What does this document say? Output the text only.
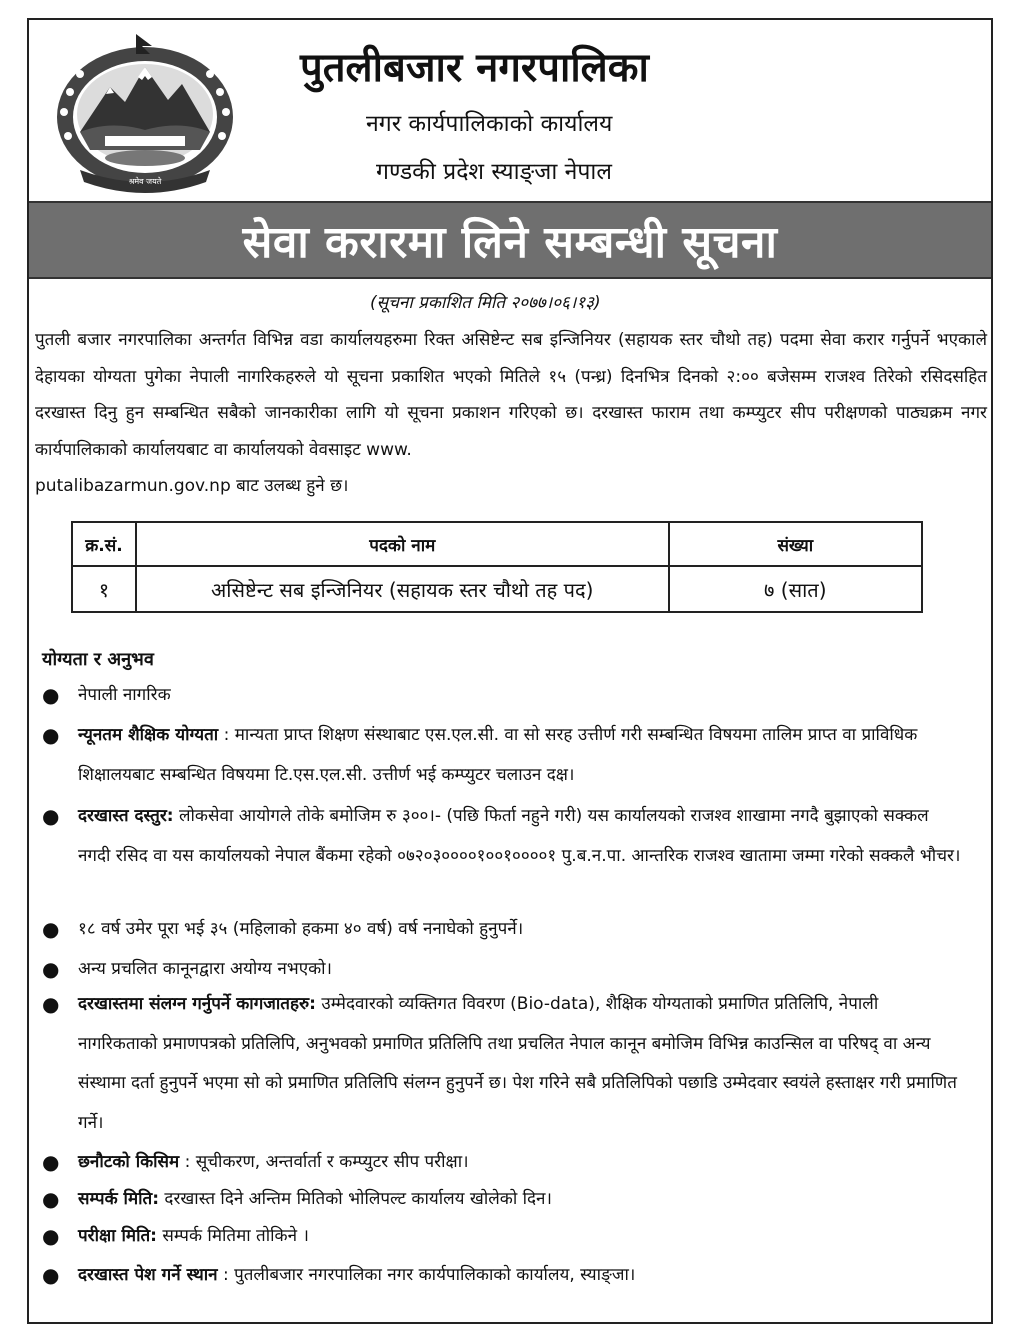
श्रमेव जयते
पुतलीबजार नगरपालिका
नगर कार्यपालिकाको कार्यालय
गण्डकी प्रदेश स्याङ्जा नेपाल
सेवा करारमा लिने सम्बन्धी सूचना
(सूचना प्रकाशित मिति २०७७।०६।१३)
पुतली बजार नगरपालिका अन्तर्गत विभिन्न वडा कार्यालयहरुमा रिक्त असिष्टेन्ट सब इन्जिनियर (सहायक स्तर चौथो तह) पदमा सेवा करार गर्नुपर्ने भएकाले देहायका योग्यता पुगेका नेपाली नागरिकहरुले यो सूचना प्रकाशित भएको मितिले १५ (पन्ध्र) दिनभित्र दिनको २:०० बजेसम्म राजश्व तिरेको रसिदसहित दरखास्त दिनु हुन सम्बन्धित सबैको जानकारीका लागि यो सूचना प्रकाशन गरिएको छ। दरखास्त फाराम तथा कम्प्युटर सीप परीक्षणको पाठ्यक्रम नगर कार्यपालिकाको कार्यालयबाट वा कार्यालयको वेवसाइट www.
putalibazarmun.gov.np बाट उलब्ध हुने छ।
क्र.सं.	पदको नाम	संख्या
१	असिष्टेन्ट सब इन्जिनियर (सहायक स्तर चौथो तह पद)	७ (सात)
योग्यता र अनुभव
● नेपाली नागरिक
● न्यूनतम शैक्षिक योग्यता : मान्यता प्राप्त शिक्षण संस्थाबाट एस.एल.सी. वा सो सरह उत्तीर्ण गरी सम्बन्धित विषयमा तालिम प्राप्त वा प्राविधिक शिक्षालयबाट सम्बन्धित विषयमा टि.एस.एल.सी. उत्तीर्ण भई कम्प्युटर चलाउन दक्ष।
● दरखास्त दस्तुर: लोकसेवा आयोगले तोके बमोजिम रु ३००।- (पछि फिर्ता नहुने गरी) यस कार्यालयको राजश्व शाखामा नगदै बुझाएको सक्कल नगदी रसिद वा यस कार्यालयको नेपाल बैंकमा रहेको ०७२०३००००१००१००००१ पु.ब.न.पा. आन्तरिक राजश्व खातामा जम्मा गरेको सक्कलै भौचर।
● १८ वर्ष उमेर पूरा भई ३५ (महिलाको हकमा ४० वर्ष) वर्ष ननाघेको हुनुपर्ने।
● अन्य प्रचलित कानूनद्वारा अयोग्य नभएको।
● दरखास्तमा संलग्न गर्नुपर्ने कागजातहरु: उम्मेदवारको व्यक्तिगत विवरण (Bio-data), शैक्षिक योग्यताको प्रमाणित प्रतिलिपि, नेपाली नागरिकताको प्रमाणपत्रको प्रतिलिपि, अनुभवको प्रमाणित प्रतिलिपि तथा प्रचलित नेपाल कानून बमोजिम विभिन्न काउन्सिल वा परिषद् वा अन्य संस्थामा दर्ता हुनुपर्ने भएमा सो को प्रमाणित प्रतिलिपि संलग्न हुनुपर्ने छ। पेश गरिने सबै प्रतिलिपिको पछाडि उम्मेदवार स्वयंले हस्ताक्षर गरी प्रमाणित गर्ने।
● छनौटको किसिम : सूचीकरण, अन्तर्वार्ता र कम्प्युटर सीप परीक्षा।
● सम्पर्क मिति: दरखास्त दिने अन्तिम मितिको भोलिपल्ट कार्यालय खोलेको दिन।
● परीक्षा मिति: सम्पर्क मितिमा तोकिने ।
● दरखास्त पेश गर्ने स्थान : पुतलीबजार नगरपालिका नगर कार्यपालिकाको कार्यालय, स्याङ्जा।
